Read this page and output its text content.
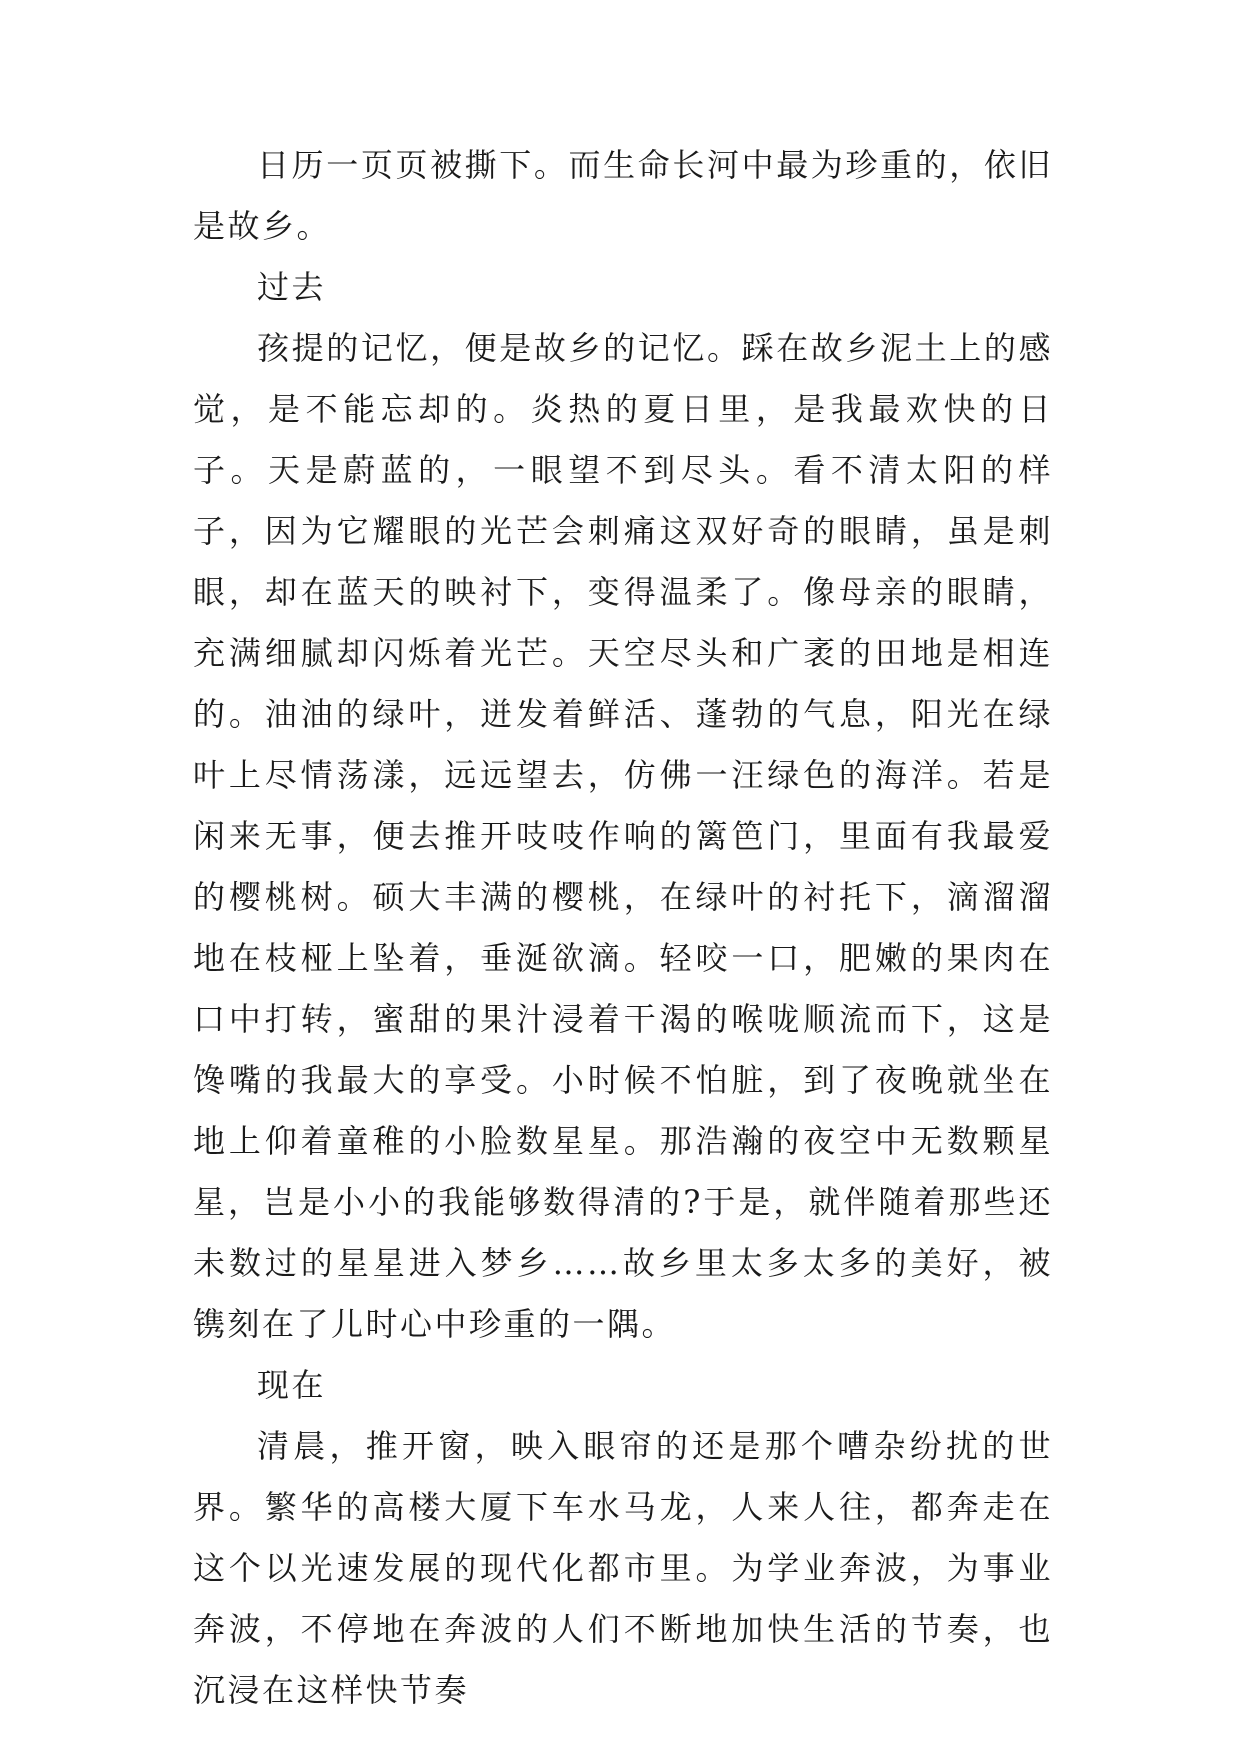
日历一页页被撕下。而生命长河中最为珍重的，依旧是故乡。

过去

孩提的记忆，便是故乡的记忆。踩在故乡泥土上的感觉，是不能忘却的。炎热的夏日里，是我最欢快的日子。天是蔚蓝的，一眼望不到尽头。看不清太阳的样子，因为它耀眼的光芒会刺痛这双好奇的眼睛，虽是刺眼，却在蓝天的映衬下，变得温柔了。像母亲的眼睛，充满细腻却闪烁着光芒。天空尽头和广袤的田地是相连的。油油的绿叶，迸发着鲜活、蓬勃的气息，阳光在绿叶上尽情荡漾，远远望去，仿佛一汪绿色的海洋。若是闲来无事，便去推开吱吱作响的篱笆门，里面有我最爱的樱桃树。硕大丰满的樱桃，在绿叶的衬托下，滴溜溜地在枝桠上坠着，垂涎欲滴。轻咬一口，肥嫩的果肉在口中打转，蜜甜的果汁浸着干渴的喉咙顺流而下，这是馋嘴的我最大的享受。小时候不怕脏，到了夜晚就坐在地上仰着童稚的小脸数星星。那浩瀚的夜空中无数颗星星，岂是小小的我能够数得清的?于是，就伴随着那些还未数过的星星进入梦乡……故乡里太多太多的美好，被镌刻在了儿时心中珍重的一隅。

现在

清晨，推开窗，映入眼帘的还是那个嘈杂纷扰的世界。繁华的高楼大厦下车水马龙，人来人往，都奔走在这个以光速发展的现代化都市里。为学业奔波，为事业奔波，不停地在奔波的人们不断地加快生活的节奏，也沉浸在这样快节奏
